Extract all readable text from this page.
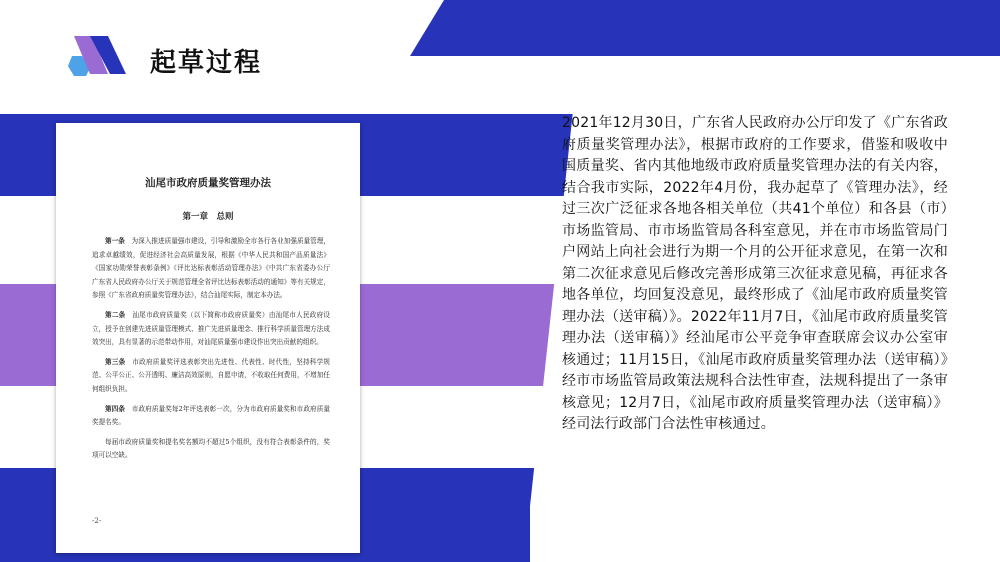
起草过程
汕尾市政府质量奖管理办法
第一章　总则

第一条　 为深入推进质量强市建设，引导和激励全市各行各业加强质量管理，追求卓越绩效，促进经济社会高质量发展，根据《中华人民共和国产品质量法》《国家功勋荣誉表彰条例》《评比达标表彰活动管理办法》《中共广东省委办公厅 广东省人民政府办公厅关于规范管理全省评比达标表彰活动的通知》等有关规定，参照《广东省政府质量奖管理办法》，结合汕尾实际，制定本办法。

第二条　 汕尾市政府质量奖（以下简称市政府质量奖）由汕尾市人民政府设立，授予在创建先进质量管理模式、推广先进质量理念、推行科学质量管理方法成效突出，具有显著的示范带动作用，对汕尾质量强市建设作出突出贡献的组织。

第三条　 市政府质量奖评选表彰突出先进性、代表性、时代性，坚持科学规范、公平公正、公开透明、廉洁高效原则，自愿申请，不收取任何费用，不增加任何组织负担。

第四条　 市政府质量奖每2年评选表彰一次，分为市政府质量奖和市政府质量奖提名奖。

每届市政府质量奖和提名奖名额均不超过5个组织，没有符合表彰条件的，奖项可以空缺。

-2-
2021年12月30日，广东省人民政府办公厅印发了《广东省政府质量奖管理办法》，根据市政府的工作要求，借鉴和吸收中国质量奖、省内其他地级市政府质量奖管理办法的有关内容，结合我市实际，2022年4月份，我办起草了《管理办法》，经过三次广泛征求各地各相关单位（共41个单位）和各县（市）市场监管局、市市场监管局各科室意见，并在市市场监管局门户网站上向社会进行为期一个月的公开征求意见，在第一次和第二次征求意见后修改完善形成第三次征求意见稿，再征求各地各单位，均回复没意见，最终形成了《汕尾市政府质量奖管理办法（送审稿）》。2022年11月7日，《汕尾市政府质量奖管理办法（送审稿）》经汕尾市公平竞争审查联席会议办公室审核通过；11月15日，《汕尾市政府质量奖管理办法（送审稿）》经市市场监管局政策法规科合法性审查，法规科提出了一条审核意见；12月7日，《汕尾市政府质量奖管理办法（送审稿）》经司法行政部门合法性审核通过。
